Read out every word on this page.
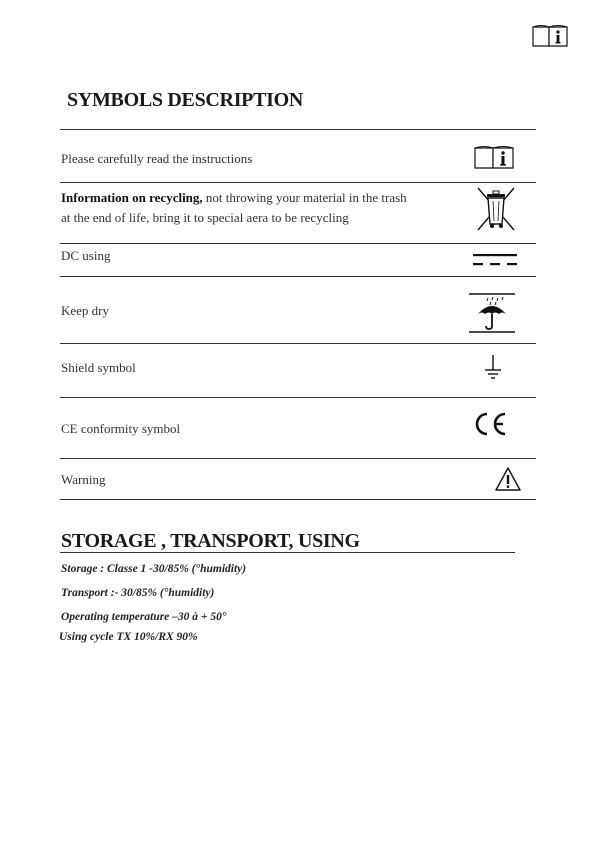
SYMBOLS DESCRIPTION
Please carefully read the instructions
Information on recycling, not throwing your material in the trash
at the end of life, bring it to special aera to be recycling
DC using
Keep dry
Shield symbol
CE conformity symbol
Warning
STORAGE , TRANSPORT, USING
Storage : Classe 1 -30/85% (°humidity)
Transport :- 30/85% (°humidity)
Operating temperature –30 à + 50°
Using cycle TX 10%/RX 90%
